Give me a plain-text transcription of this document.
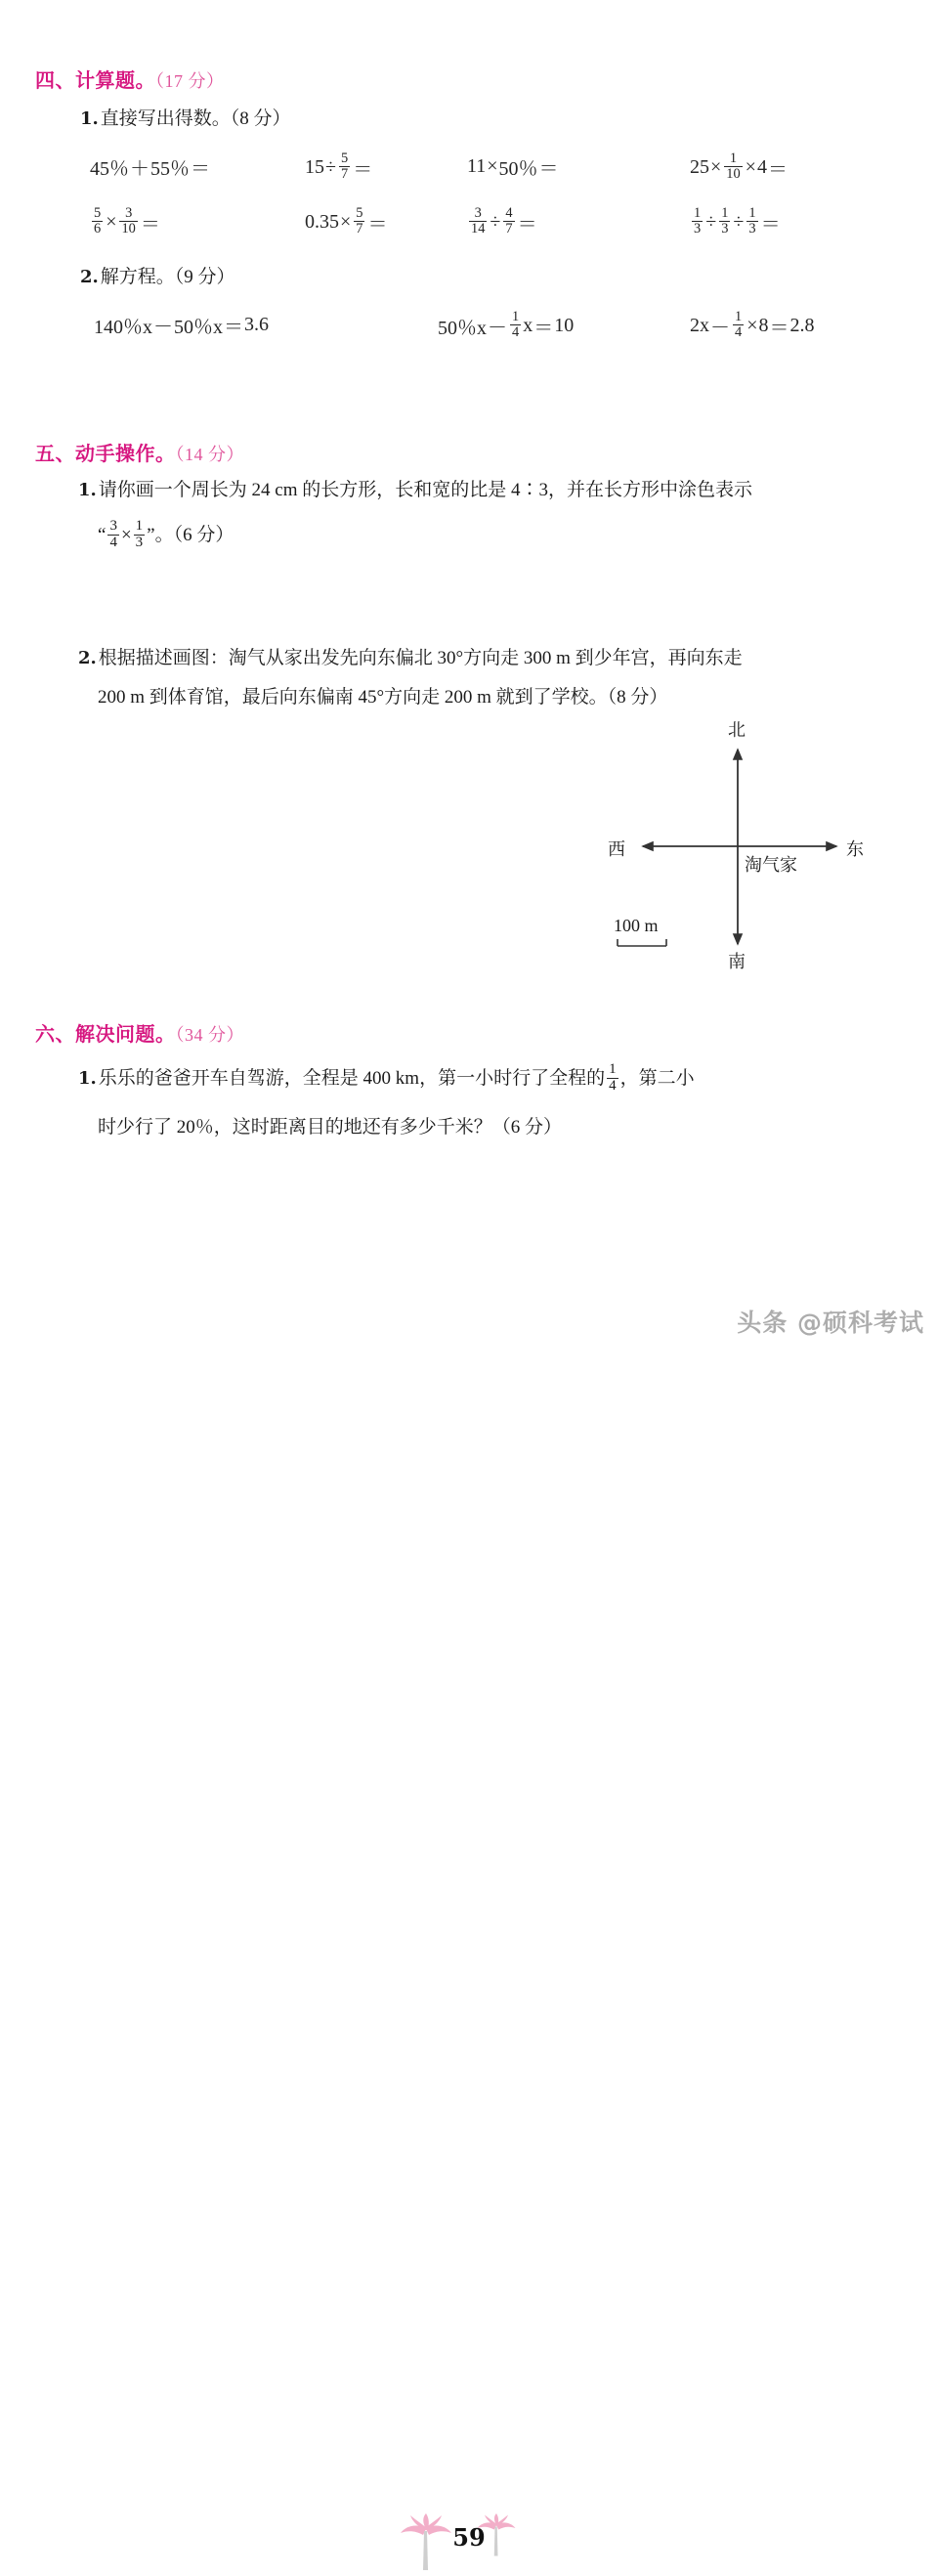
四、计算题。（17 分）
1. 直接写出得数。（8 分）
45％ ＋ 55％ ＝	$15 \div \frac{5}{7}$ ＝	11 × 50％ ＝	$25 \times \frac{1}{10} \times 4$ ＝
$\frac{5}{6} \times \frac{3}{10}$ ＝	$0.35 \times \frac{5}{7}$ ＝	$\frac{3}{14} \div \frac{4}{7}$ ＝	$\frac{1}{3} \div \frac{1}{3} \div \frac{1}{3}$ ＝
2. 解方程。（9 分）
140％x － 50％x ＝ 3.6	50％$x - \frac{1}{4}$ x ＝ 10	$2x - \frac{1}{4} \times 8 = 2.8$
五、动手操作。（14 分）
1. 请你画一个周长为 24 cm 的长方形，长和宽的比是 4∶3，并在长方形中涂色表示
“ $\frac{3}{4} \times \frac{1}{3}$ ”。（6 分）
2. 根据描述画图：淘气从家出发先向东偏北 30°方向走 300 m 到少年宫，再向东走
200 m 到体育馆，最后向东偏南 45°方向走 200 m 就到了学校。（8 分）
北
南
东
西
淘气家
100 m
六、解决问题。（34 分）
1. 乐乐的爸爸开车自驾游，全程是 400 km，第一小时行了全程的 $\frac{1}{4}$ ，第二小
时少行了 20％，这时距离目的地还有多少千米？（6 分）
59
头条 @硕科考试
